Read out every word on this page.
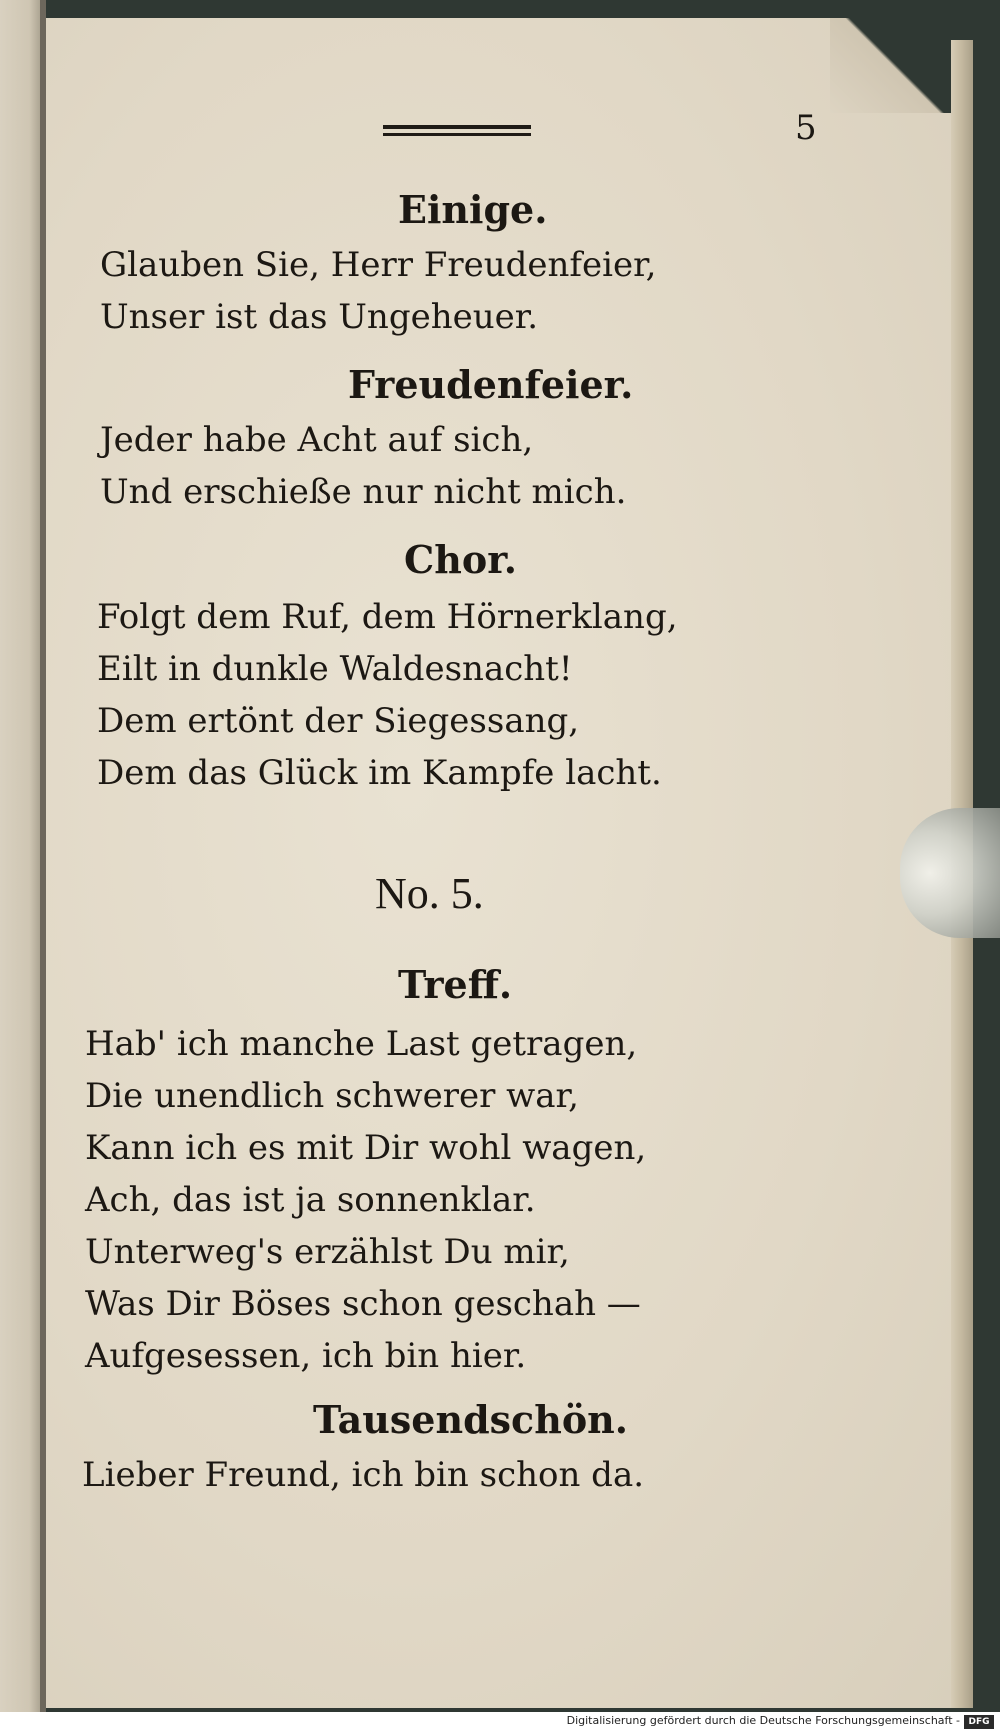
5
Einige.
Glauben Sie, Herr Freudenfeier,
Unser ist das Ungeheuer.
Freudenfeier.
Jeder habe Acht auf sich,
Und erschieße nur nicht mich.
Chor.
Folgt dem Ruf, dem Hörnerklang,
Eilt in dunkle Waldesnacht!
Dem ertönt der Siegessang,
Dem das Glück im Kampfe lacht.
No. 5.
Treff.
Hab' ich manche Last getragen,
Die unendlich schwerer war,
Kann ich es mit Dir wohl wagen,
Ach, das ist ja sonnenklar.
Unterweg's erzählst Du mir,
Was Dir Böses schon geschah —
Aufgesessen, ich bin hier.
Tausendschön.
Lieber Freund, ich bin schon da.
Digitalisierung gefördert durch die Deutsche Forschungsgemeinschaft - DFG
